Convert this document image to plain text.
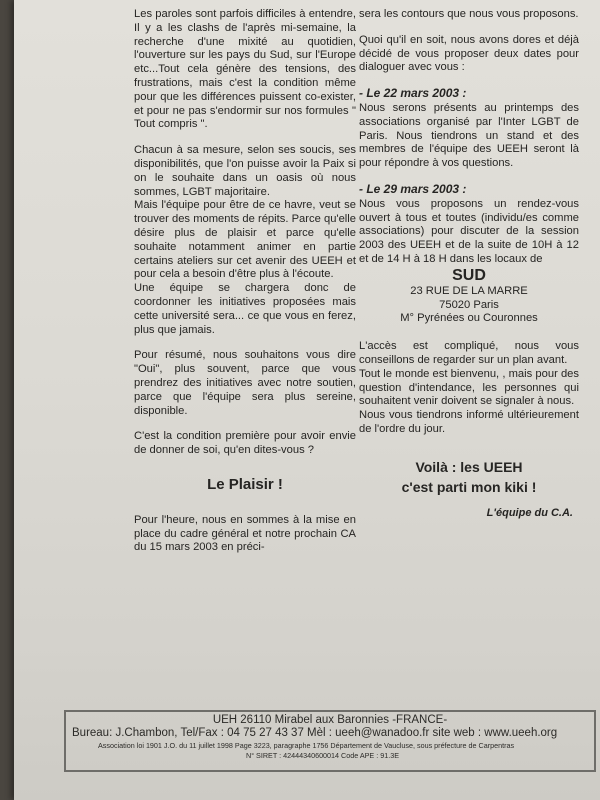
Les paroles sont parfois difficiles à entendre, Il y a les clashs de l'après mi-semaine, la recherche d'une mixité au quotidien, l'ouverture sur les pays du Sud, sur l'Europe etc...Tout cela génère des tensions, des frustrations, mais c'est la condition même pour que les différences puissent co-exister, et pour ne pas s'endormir sur nos formules " Tout compris ".

Chacun à sa mesure, selon ses soucis, ses disponibilités, que l'on puisse avoir la Paix si on le souhaite dans un oasis où nous sommes, LGBT majoritaire.

Mais l'équipe pour être de ce havre, veut se trouver des moments de répits. Parce qu'elle désire plus de plaisir et parce qu'elle souhaite notamment animer en partie certains ateliers sur cet avenir des UEEH et pour cela a besoin d'être plus à l'écoute.

Une équipe se chargera donc de coordonner les initiatives proposées mais cette université sera... ce que vous en ferez, plus que jamais.

Pour résumé, nous souhaitons vous dire "Oui", plus souvent, parce que vous prendrez des initiatives avec notre soutien, parce que l'équipe sera plus sereine, disponible.

C'est la condition première pour avoir envie de donner de soi, qu'en dites-vous ?

Le Plaisir !

Pour l'heure, nous en sommes à la mise en place du cadre général et notre prochain CA du 15 mars 2003 en préci-

sera les contours que nous vous proposons.

Quoi qu'il en soit, nous avons dores et déjà décidé de vous proposer deux dates pour dialoguer avec vous :

- Le 22 mars 2003 :

Nous serons présents au printemps des associations organisé par l'Inter LGBT de Paris. Nous tiendrons un stand et des membres de l'équipe des UEEH seront là pour répondre à vos questions.

- Le 29 mars 2003 :

Nous vous proposons un rendez-vous ouvert à tous et toutes (individu/es comme associations) pour discuter de la session 2003 des UEEH et de la suite de 10H à 12 et de 14 H à 18 H dans les locaux de

SUD
23 RUE DE LA MARRE
75020 Paris
M° Pyrénées ou Couronnes

L'accès est compliqué, nous vous conseillons de regarder sur un plan avant.

Tout le monde est bienvenu, , mais pour des question d'intendance, les personnes qui souhaitent venir doivent se signaler à nous.

Nous vous tiendrons informé ultérieurement de l'ordre du jour.

Voilà : les UEEH
c'est parti mon kiki !
L'équipe du C.A.
UEH 26110 Mirabel aux Baronnies -FRANCE-
Bureau: J.Chambon, Tel/Fax : 04 75 27 43 37 Mèl : ueeh@wanadoo.fr site web : www.ueeh.org
Association loi 1901 J.O. du 11 juillet 1998 Page 3223, paragraphe 1756 Département de Vaucluse, sous préfecture de Carpentras
N° SIRET : 42444340600014 Code APE : 91.3E
